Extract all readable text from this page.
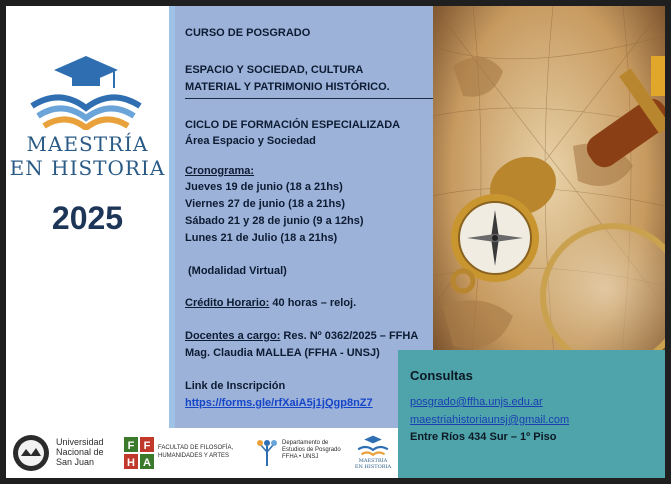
MAESTRÍA
EN HISTORIA
2025
CURSO DE POSGRADO
ESPACIO Y SOCIEDAD, CULTURA
MATERIAL Y PATRIMONIO HISTÓRICO.
CICLO DE FORMACIÓN ESPECIALIZADA
Área Espacio y Sociedad
Cronograma:
Jueves 19 de junio (18 a 21hs)
Viernes 27 de junio (18 a 21hs)
Sábado 21 y 28 de junio (9 a 12hs)
Lunes 21 de Julio (18 a 21hs)
(Modalidad Virtual)
Crédito Horario: 40 horas – reloj.
Docentes a cargo: Res. Nº 0362/2025 – FFHA
Mag. Claudia MALLEA (FFHA - UNSJ)
Link de Inscripción
https://forms.gle/rfXaiA5j1jQgp8nZ7
Consultas
posgrado@ffha.unjs.edu.ar
maestriahistoriaunsj@gmail.com
Entre Ríos 434 Sur – 1º Piso
Universidad
Nacional de
San Juan
F F
H A
FACULTAD DE FILOSOFÍA,
HUMANIDADES Y ARTES
Departamento de
Estudios de Posgrado
FFHA • UNSJ
MAESTRÍA
EN HISTORIA
